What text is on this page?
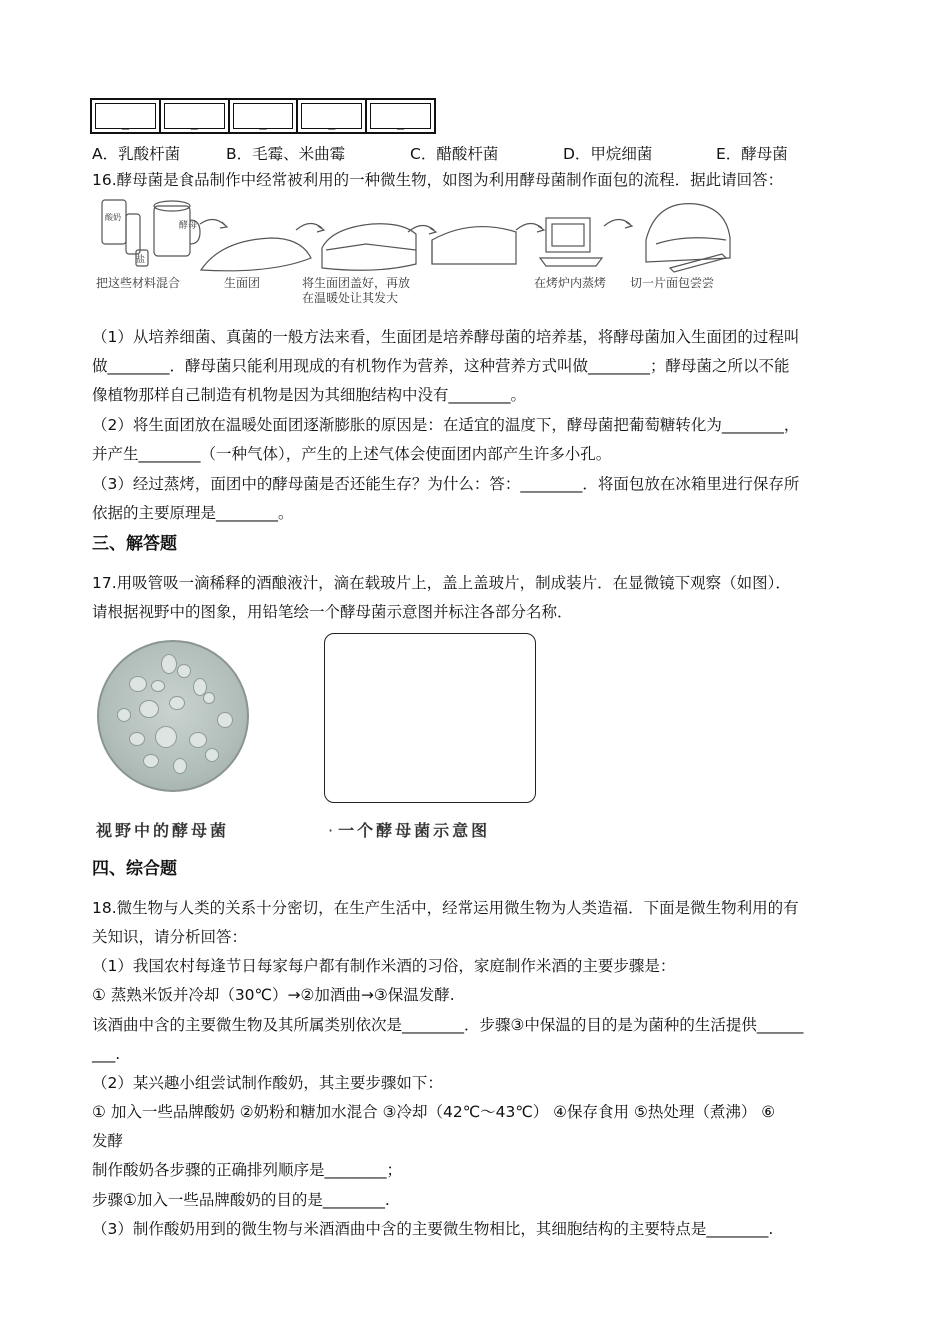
_	_	_	_	_
A．乳酸杆菌	B．毛霉、米曲霉	C．醋酸杆菌	D．甲烷细菌	E．酵母菌
16.酵母菌是食品制作中经常被利用的一种微生物，如图为利用酵母菌制作面包的流程．据此请回答：
盐
酵母
酸奶
把这些材料混合	生面团	将生面团盖好，再放
在温暖处让其发大
在烤炉内蒸烤 切一片面包尝尝
（1）从培养细菌、真菌的一般方法来看，生面团是培养酵母菌的培养基，将酵母菌加入生面团的过程叫
做________．酵母菌只能利用现成的有机物作为营养，这种营养方式叫做________；酵母菌之所以不能
像植物那样自己制造有机物是因为其细胞结构中没有________。
（2）将生面团放在温暖处面团逐渐膨胀的原因是：在适宜的温度下，酵母菌把葡萄糖转化为________，
并产生________（一种气体），产生的上述气体会使面团内部产生许多小孔。
（3）经过蒸烤，面团中的酵母菌是否还能生存？为什么：答：________．将面包放在冰箱里进行保存所
依据的主要原理是________。
三、解答题
17.用吸管吸一滴稀释的酒酿液汁，滴在载玻片上，盖上盖玻片，制成装片．在显微镜下观察（如图）．
请根据视野中的图象，用铅笔绘一个酵母菌示意图并标注各部分名称．
视野中的酵母菌	· 一个酵母菌示意图
四、综合题
18.微生物与人类的关系十分密切，在生产生活中，经常运用微生物为人类造福．下面是微生物利用的有
关知识，请分析回答：
（1）我国农村每逢节日每家每户都有制作米酒的习俗，家庭制作米酒的主要步骤是：
① 蒸熟米饭并冷却（30℃）→②加酒曲→③保温发酵.
该酒曲中含的主要微生物及其所属类别依次是________．步骤③中保温的目的是为菌种的生活提供______
___.
（2）某兴趣小组尝试制作酸奶，其主要步骤如下：
① 加入一些品牌酸奶 ②奶粉和糖加水混合 ③冷却（42℃～43℃） ④保存食用 ⑤热处理（煮沸） ⑥
发酵
制作酸奶各步骤的正确排列顺序是________；
步骤①加入一些品牌酸奶的目的是________.
（3）制作酸奶用到的微生物与米酒酒曲中含的主要微生物相比，其细胞结构的主要特点是________.
